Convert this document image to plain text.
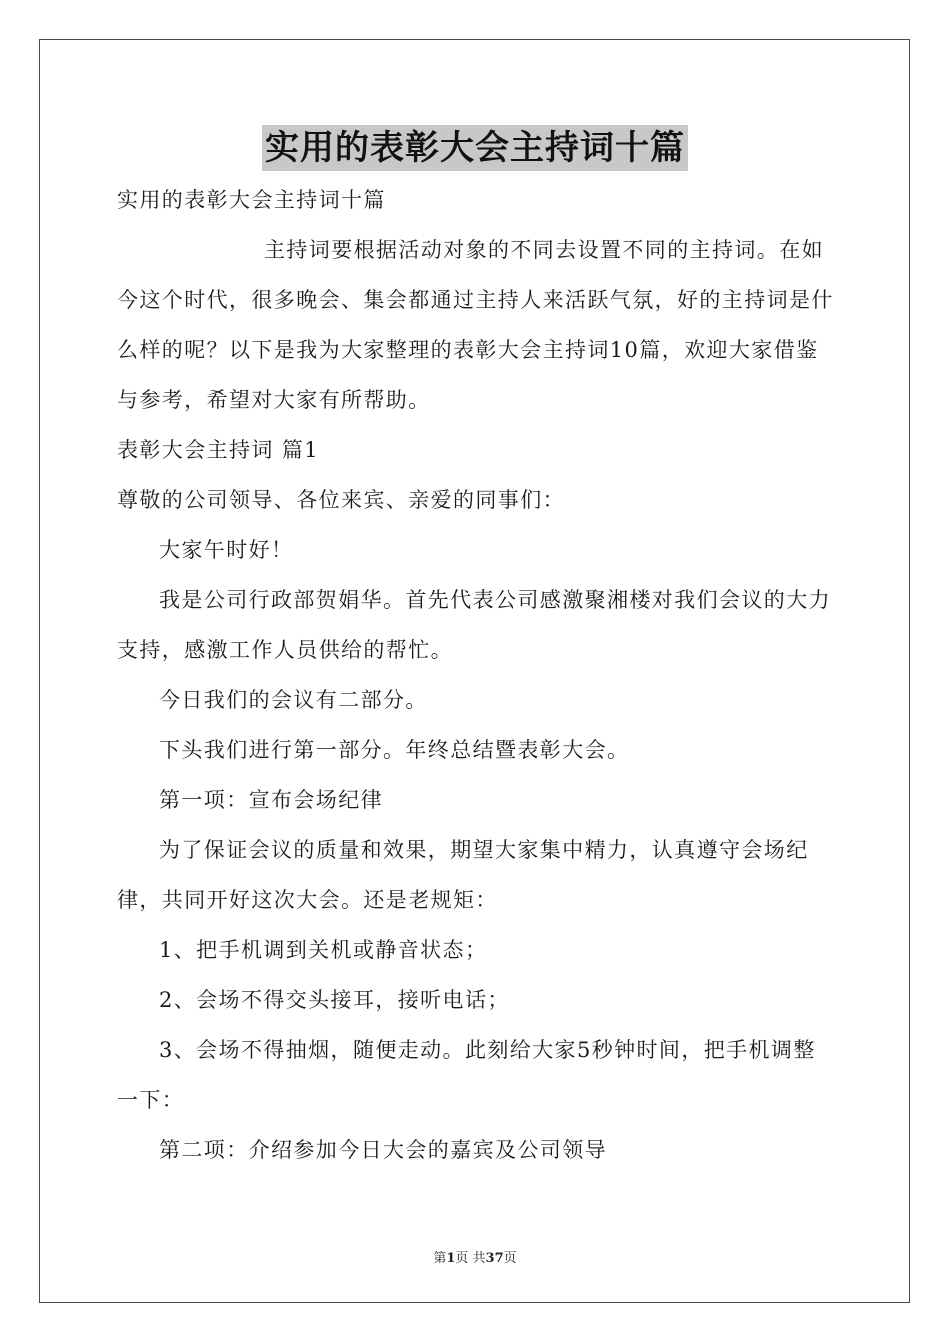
实用的表彰大会主持词十篇

实用的表彰大会主持词十篇

主持词要根据活动对象的不同去设置不同的主持词。在如今这个时代，很多晚会、集会都通过主持人来活跃气氛，好的主持词是什么样的呢？以下是我为大家整理的表彰大会主持词10篇，欢迎大家借鉴与参考，希望对大家有所帮助。

表彰大会主持词 篇1

尊敬的公司领导、各位来宾、亲爱的同事们：

大家午时好！

我是公司行政部贺娟华。首先代表公司感激聚湘楼对我们会议的大力支持，感激工作人员供给的帮忙。

今日我们的会议有二部分。

下头我们进行第一部分。年终总结暨表彰大会。

第一项：宣布会场纪律

为了保证会议的质量和效果，期望大家集中精力，认真遵守会场纪律，共同开好这次大会。还是老规矩：

1、把手机调到关机或静音状态；

2、会场不得交头接耳，接听电话；

3、会场不得抽烟，随便走动。此刻给大家5秒钟时间，把手机调整一下：

第二项：介绍参加今日大会的嘉宾及公司领导

第1页 共37页
